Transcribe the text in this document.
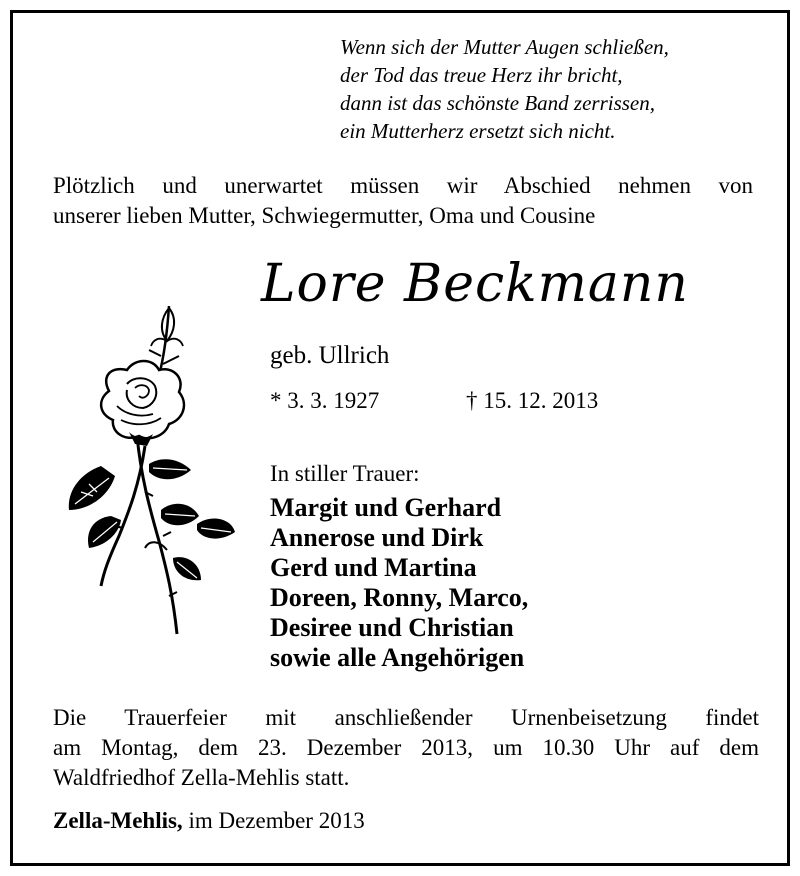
Wenn sich der Mutter Augen schließen,
der Tod das treue Herz ihr bricht,
dann ist das schönste Band zerrissen,
ein Mutterherz ersetzt sich nicht.
Plötzlich und unerwartet müssen wir Abschied nehmen von
unserer lieben Mutter, Schwiegermutter, Oma und Cousine
Lore Beckmann
geb. Ullrich
* 3. 3. 1927	† 15. 12. 2013
In stiller Trauer:
Margit und Gerhard
Annerose und Dirk
Gerd und Martina
Doreen, Ronny, Marco,
Desiree und Christian
sowie alle Angehörigen
Die Trauerfeier mit anschließender Urnenbeisetzung findet
am Montag, dem 23. Dezember 2013, um 10.30 Uhr auf dem
Waldfriedhof Zella-Mehlis statt.
Zella-Mehlis, im Dezember 2013
